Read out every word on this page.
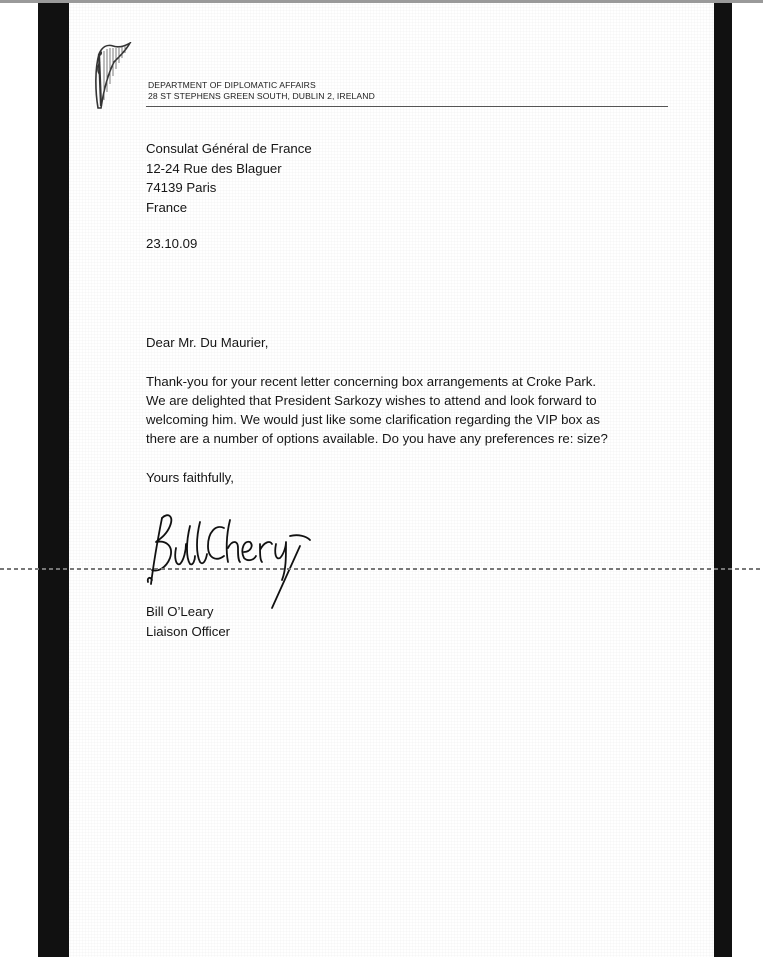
DEPARTMENT OF DIPLOMATIC AFFAIRS
28 ST STEPHENS GREEN SOUTH, DUBLIN 2, IRELAND
Consulat Général de France
12-24 Rue des Blaguer
74139 Paris
France
23.10.09
Dear Mr. Du Maurier,
Thank-you for your recent letter concerning box arrangements at Croke Park.
We are delighted that President Sarkozy wishes to attend and look forward to
welcoming him. We would just like some clarification regarding the VIP box as
there are a number of options available. Do you have any preferences re: size?
Yours faithfully,
Bill O’Leary
Liaison Officer
